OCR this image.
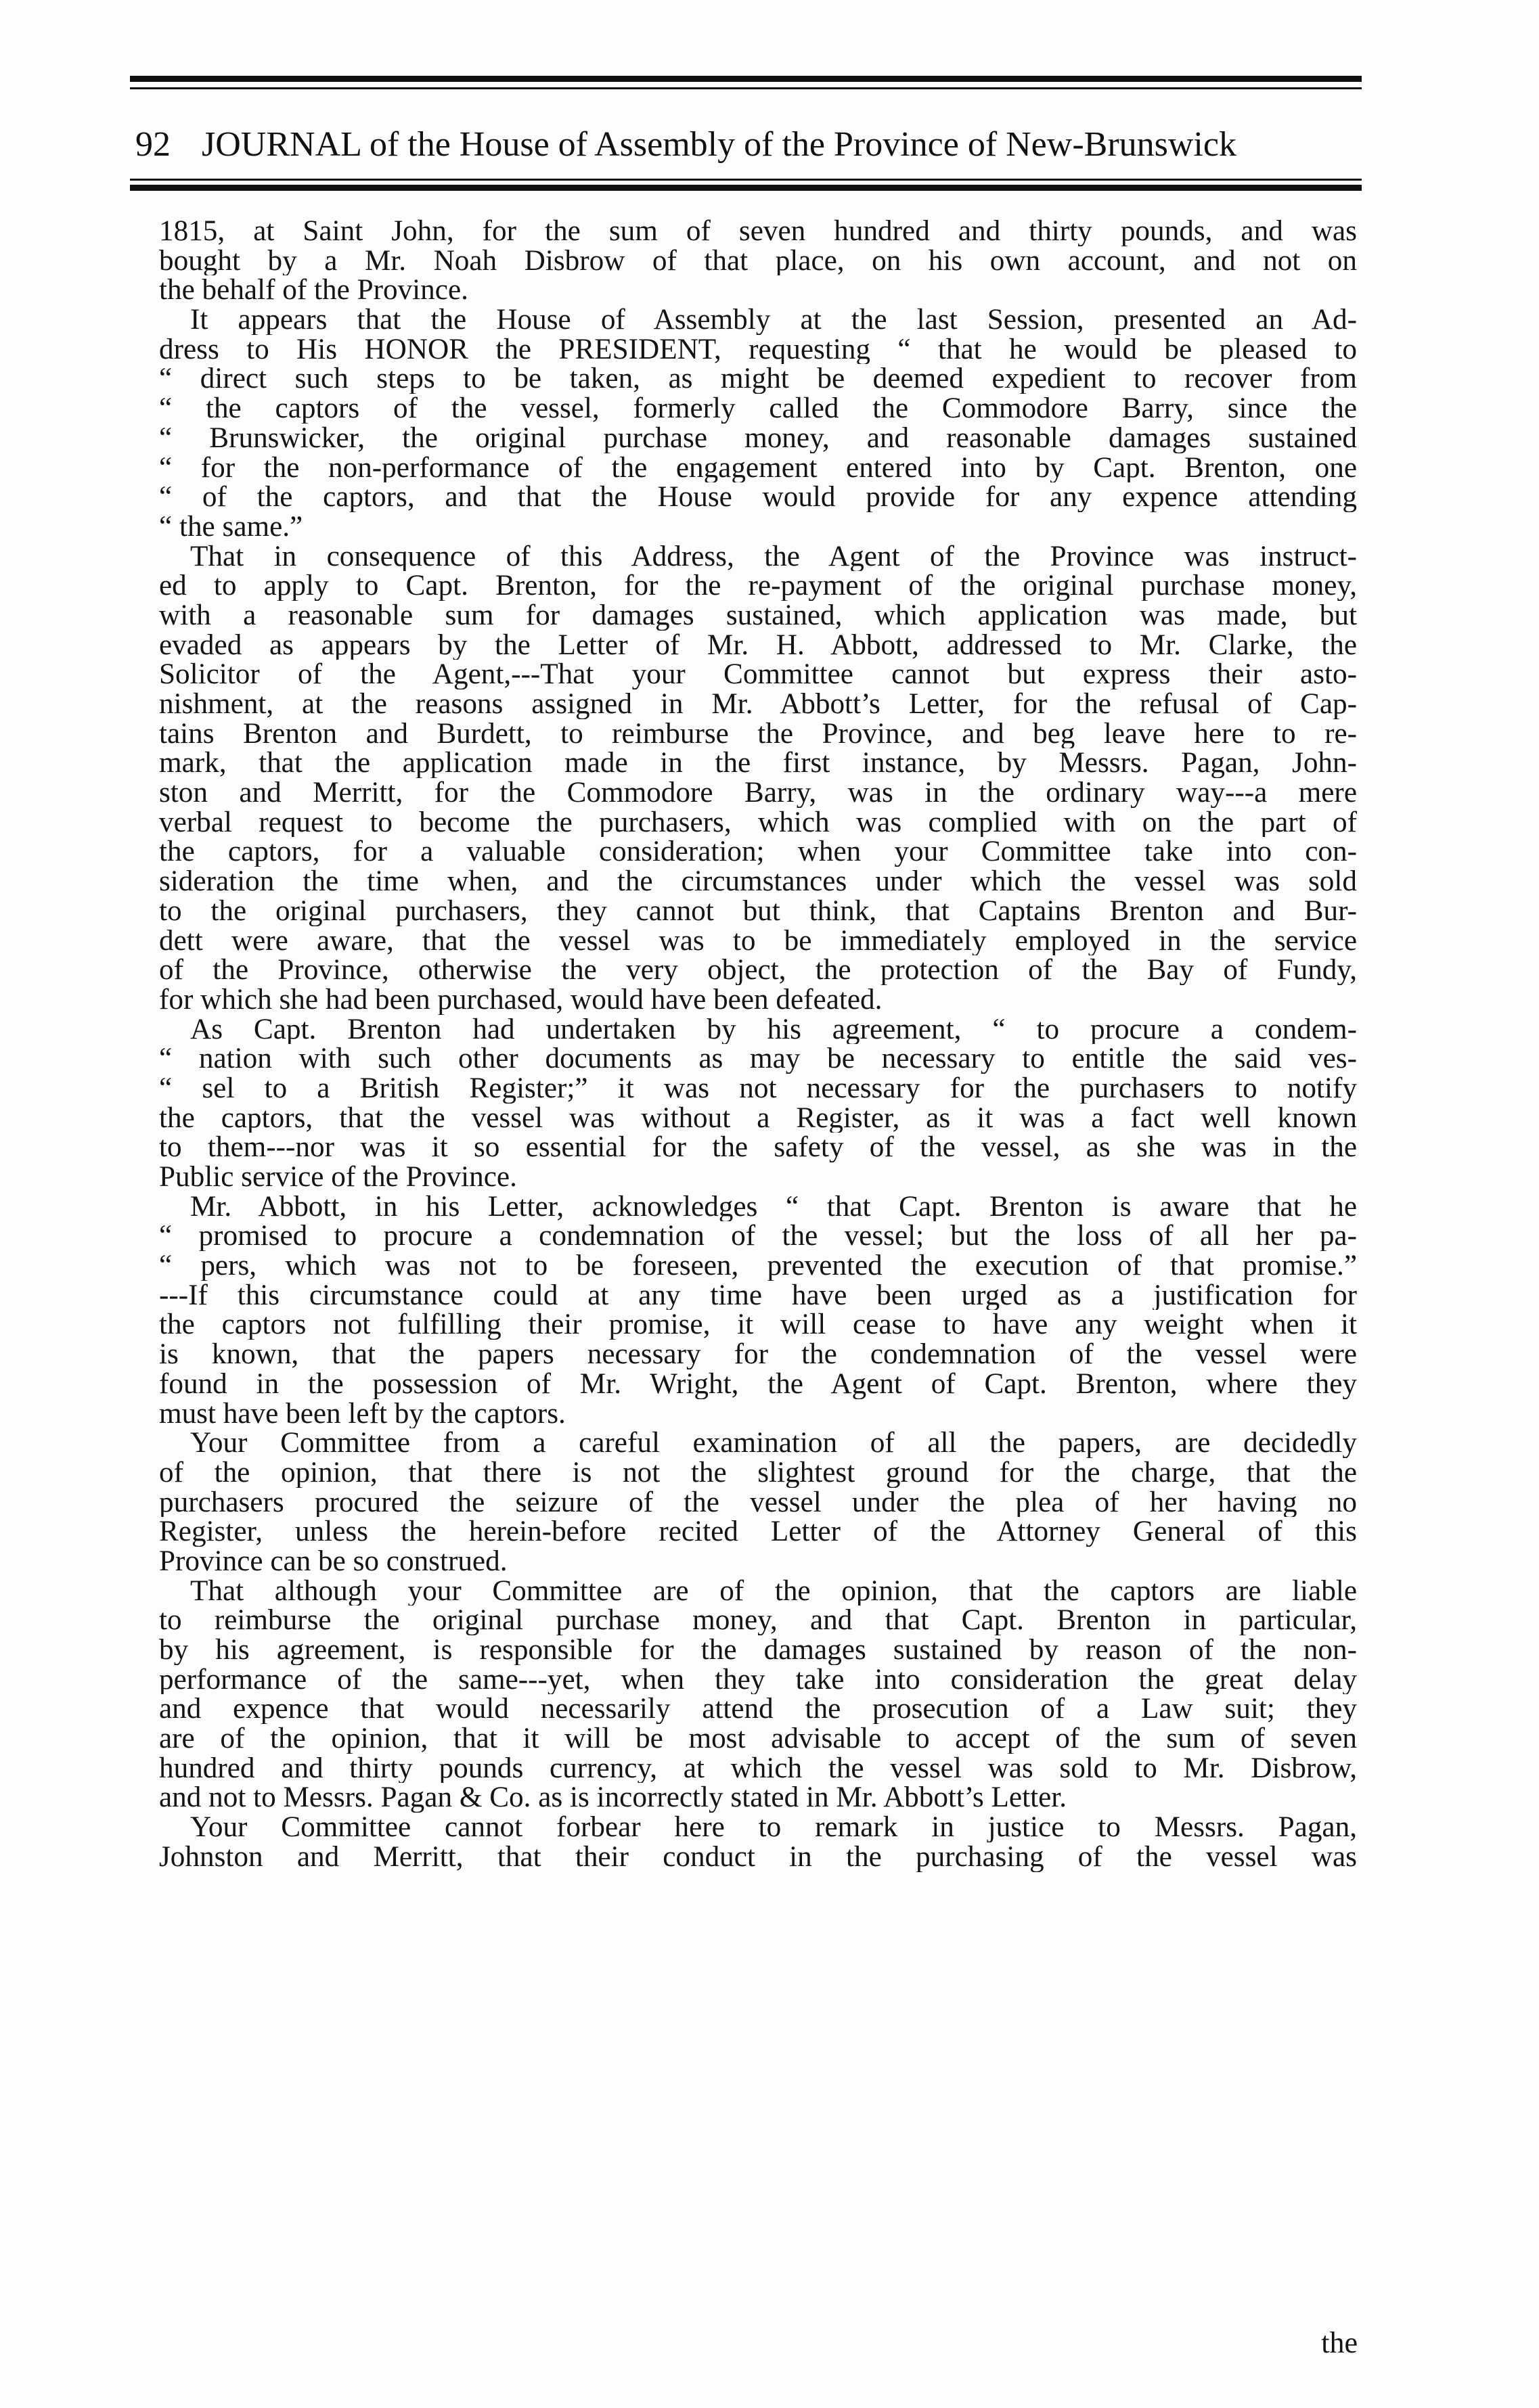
92 JOURNAL of the House of Assembly of the Province of New-Brunswick
1815, at Saint John, for the sum of seven hundred and thirty pounds, and was
bought by a Mr. Noah Disbrow of that place, on his own account, and not on
the behalf of the Province.
It appears that the House of Assembly at the last Session, presented an Ad-
dress to His HONOR the PRESIDENT, requesting “ that he would be pleased to
“ direct such steps to be taken, as might be deemed expedient to recover from
“ the captors of the vessel, formerly called the Commodore Barry, since the
“ Brunswicker, the original purchase money, and reasonable damages sustained
“ for the non-performance of the engagement entered into by Capt. Brenton, one
“ of the captors, and that the House would provide for any expence attending
“ the same.”
That in consequence of this Address, the Agent of the Province was instruct-
ed to apply to Capt. Brenton, for the re-payment of the original purchase money,
with a reasonable sum for damages sustained, which application was made, but
evaded as appears by the Letter of Mr. H. Abbott, addressed to Mr. Clarke, the
Solicitor of the Agent,---That your Committee cannot but express their asto-
nishment, at the reasons assigned in Mr. Abbott’s Letter, for the refusal of Cap-
tains Brenton and Burdett, to reimburse the Province, and beg leave here to re-
mark, that the application made in the first instance, by Messrs. Pagan, John-
ston and Merritt, for the Commodore Barry, was in the ordinary way---a mere
verbal request to become the purchasers, which was complied with on the part of
the captors, for a valuable consideration; when your Committee take into con-
sideration the time when, and the circumstances under which the vessel was sold
to the original purchasers, they cannot but think, that Captains Brenton and Bur-
dett were aware, that the vessel was to be immediately employed in the service
of the Province, otherwise the very object, the protection of the Bay of Fundy,
for which she had been purchased, would have been defeated.
As Capt. Brenton had undertaken by his agreement, “ to procure a condem-
“ nation with such other documents as may be necessary to entitle the said ves-
“ sel to a British Register;” it was not necessary for the purchasers to notify
the captors, that the vessel was without a Register, as it was a fact well known
to them---nor was it so essential for the safety of the vessel, as she was in the
Public service of the Province.
Mr. Abbott, in his Letter, acknowledges “ that Capt. Brenton is aware that he
“ promised to procure a condemnation of the vessel; but the loss of all her pa-
“ pers, which was not to be foreseen, prevented the execution of that promise.”
---If this circumstance could at any time have been urged as a justification for
the captors not fulfilling their promise, it will cease to have any weight when it
is known, that the papers necessary for the condemnation of the vessel were
found in the possession of Mr. Wright, the Agent of Capt. Brenton, where they
must have been left by the captors.
Your Committee from a careful examination of all the papers, are decidedly
of the opinion, that there is not the slightest ground for the charge, that the
purchasers procured the seizure of the vessel under the plea of her having no
Register, unless the herein-before recited Letter of the Attorney General of this
Province can be so construed.
That although your Committee are of the opinion, that the captors are liable
to reimburse the original purchase money, and that Capt. Brenton in particular,
by his agreement, is responsible for the damages sustained by reason of the non-
performance of the same---yet, when they take into consideration the great delay
and expence that would necessarily attend the prosecution of a Law suit; they
are of the opinion, that it will be most advisable to accept of the sum of seven
hundred and thirty pounds currency, at which the vessel was sold to Mr. Disbrow,
and not to Messrs. Pagan & Co. as is incorrectly stated in Mr. Abbott’s Letter.
Your Committee cannot forbear here to remark in justice to Messrs. Pagan,
Johnston and Merritt, that their conduct in the purchasing of the vessel was
the
